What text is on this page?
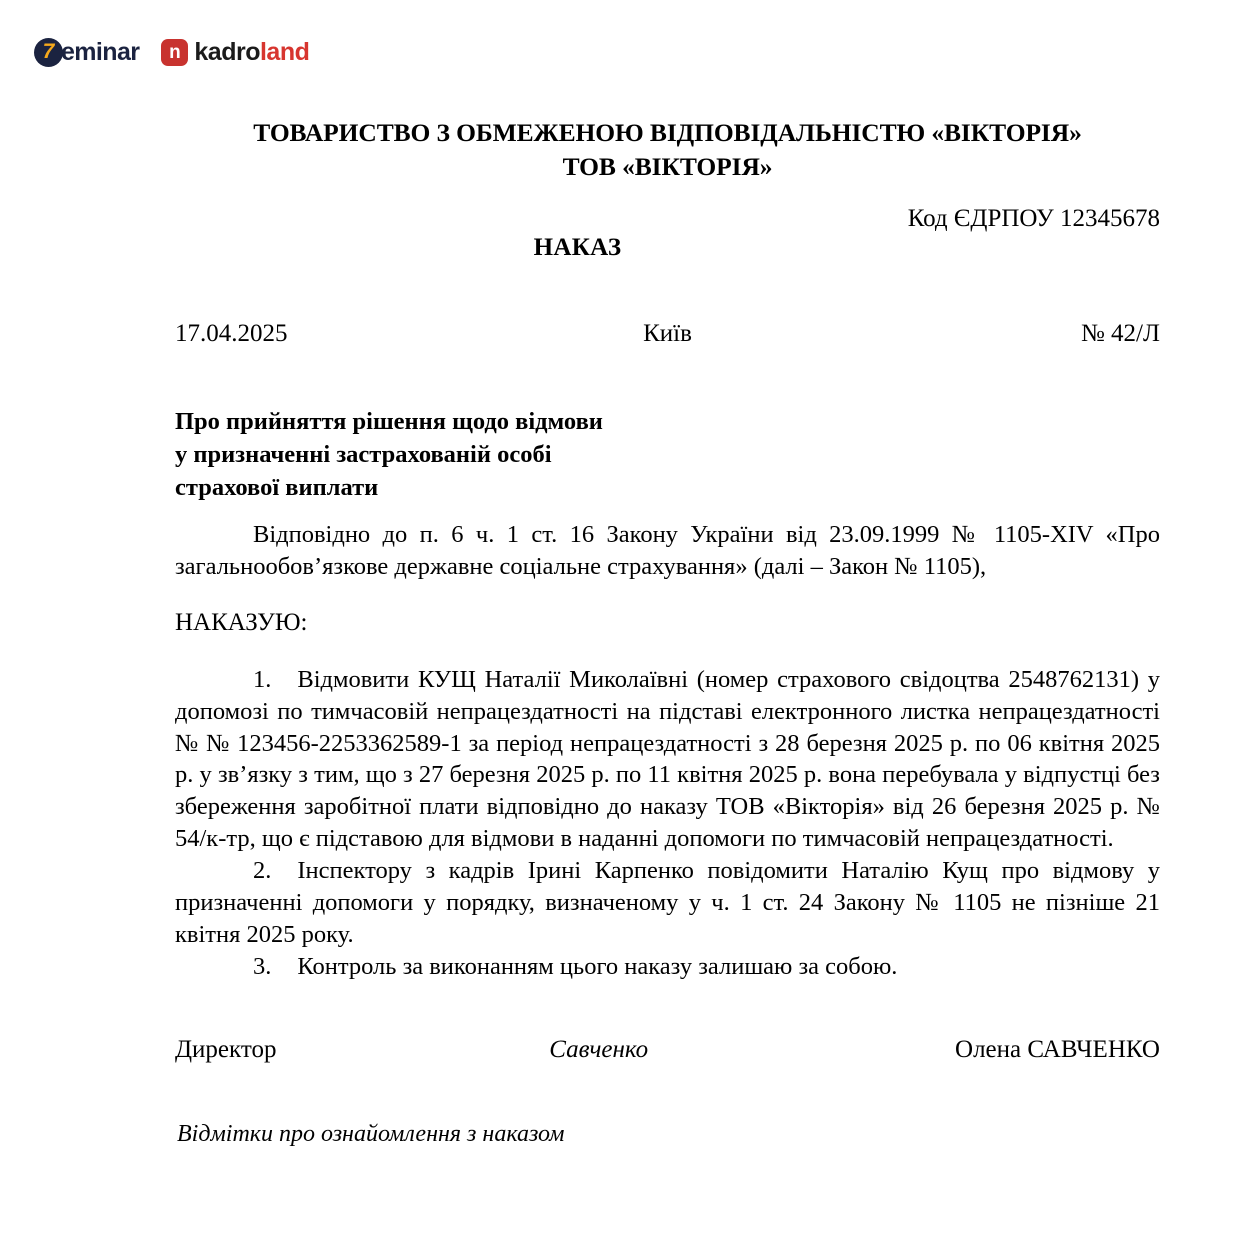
7 eminar n kadroland
ТОВАРИСТВО З ОБМЕЖЕНОЮ ВІДПОВІДАЛЬНІСТЮ «ВІКТОРІЯ»
ТОВ «ВІКТОРІЯ»
Код ЄДРПОУ 12345678
НАКАЗ
17.04.2025	Київ	№ 42/Л
Про прийняття рішення щодо відмови
у призначенні застрахованій особі
страхової виплати

Відповідно до п. 6 ч. 1 ст. 16 Закону України від 23.09.1999 № 1105-XIV «Про загальнообов’язкове державне соціальне страхування» (далі – Закон № 1105),

НАКАЗУЮ:

1. Відмовити КУЩ Наталії Миколаївні (номер страхового свідоцтва 2548762131) у допомозі по тимчасовій непрацездатності на підставі електронного листка непрацездатності № № 123456-2253362589-1 за період непрацездатності з 28 березня 2025 р. по 06 квітня 2025 р. у зв’язку з тим, що з 27 березня 2025 р. по 11 квітня 2025 р. вона перебувала у відпустці без збереження заробітної плати відповідно до наказу ТОВ «Вікторія» від 26 березня 2025 р. № 54/к-тр, що є підставою для відмови в наданні допомоги по тимчасовій непрацездатності.

2. Інспектору з кадрів Ірині Карпенко повідомити Наталію Кущ про відмову у призначенні допомоги у порядку, визначеному у ч. 1 ст. 24 Закону № 1105 не пізніше 21 квітня 2025 року.

3. Контроль за виконанням цього наказу залишаю за собою.

Директор	Савченко	Олена САВЧЕНКО
Відмітки про ознайомлення з наказом
